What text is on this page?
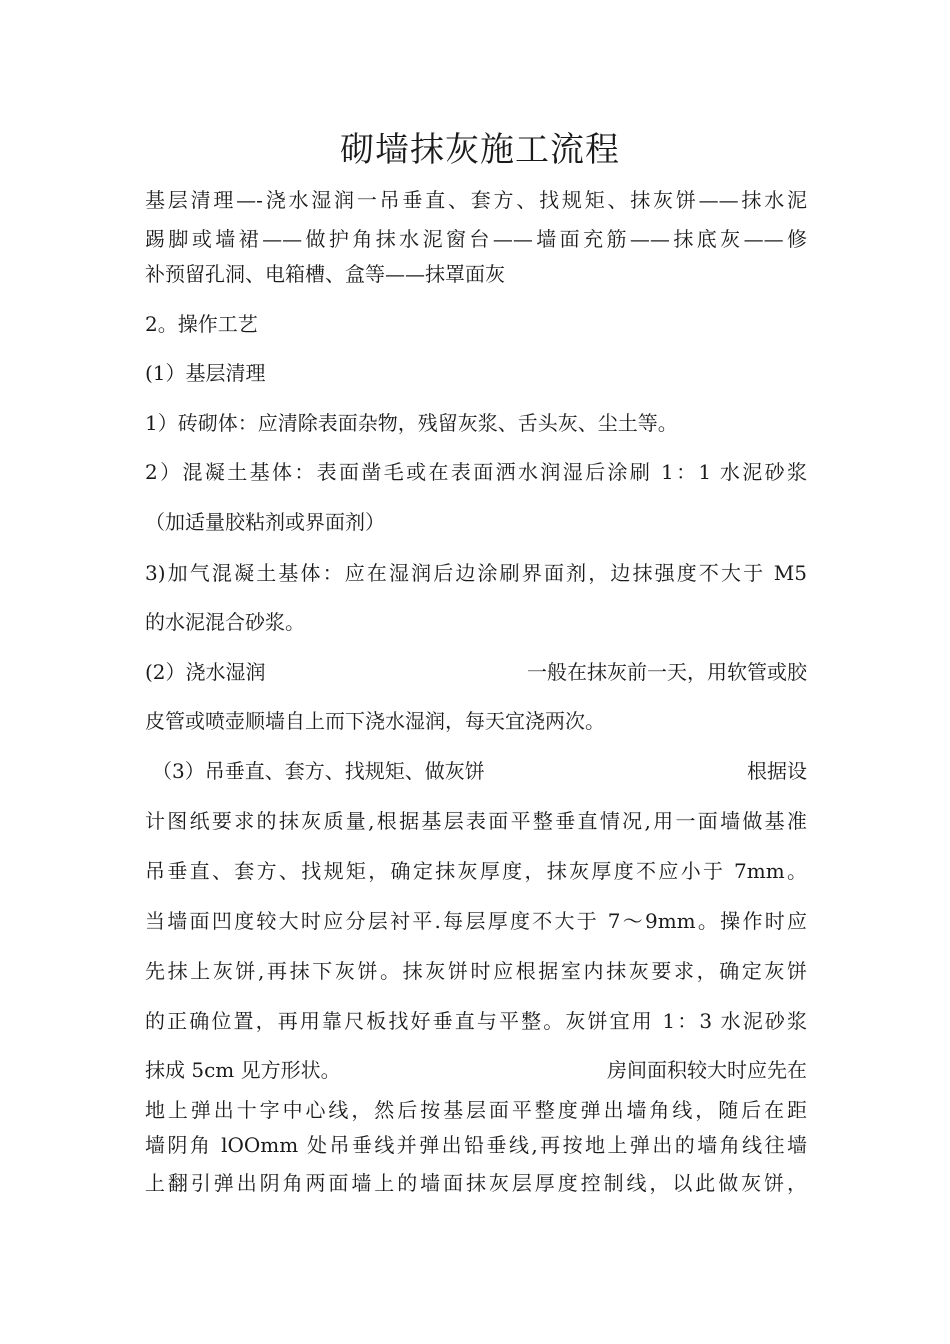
砌墙抹灰施工流程

基层清理—-浇水湿润一吊垂直、套方、找规矩、抹灰饼——抹水泥

踢脚或墙裙——做护角抹水泥窗台——墙面充筋——抹底灰——修

补预留孔洞、电箱槽、盒等——抹罩面灰

2。操作工艺

(1）基层清理

1）砖砌体：应清除表面杂物，残留灰浆、舌头灰、尘土等。

2）混凝土基体：表面凿毛或在表面洒水润湿后涂刷 1：1 水泥砂浆

（加适量胶粘剂或界面剂）

3)加气混凝土基体：应在湿润后边涂刷界面剂，边抹强度不大于 M5

的水泥混合砂浆。

(2）浇水湿润	一般在抹灰前一天，用软管或胶

皮管或喷壶顺墙自上而下浇水湿润，每天宜浇两次。

（3）吊垂直、套方、找规矩、做灰饼	根据设

计图纸要求的抹灰质量,根据基层表面平整垂直情况,用一面墙做基准

吊垂直、套方、找规矩，确定抹灰厚度，抹灰厚度不应小于 7mm。

当墙面凹度较大时应分层衬平.每层厚度不大于 7～9mm。操作时应

先抹上灰饼,再抹下灰饼。抹灰饼时应根据室内抹灰要求，确定灰饼

的正确位置，再用靠尺板找好垂直与平整。灰饼宜用 1：3 水泥砂浆

抹成 5cm 见方形状。	房间面积较大时应先在

地上弹出十字中心线，然后按基层面平整度弹出墙角线，随后在距

墙阴角 lOOmm 处吊垂线并弹出铅垂线,再按地上弹出的墙角线往墙

上翻引弹出阴角两面墙上的墙面抹灰层厚度控制线，以此做灰饼，
